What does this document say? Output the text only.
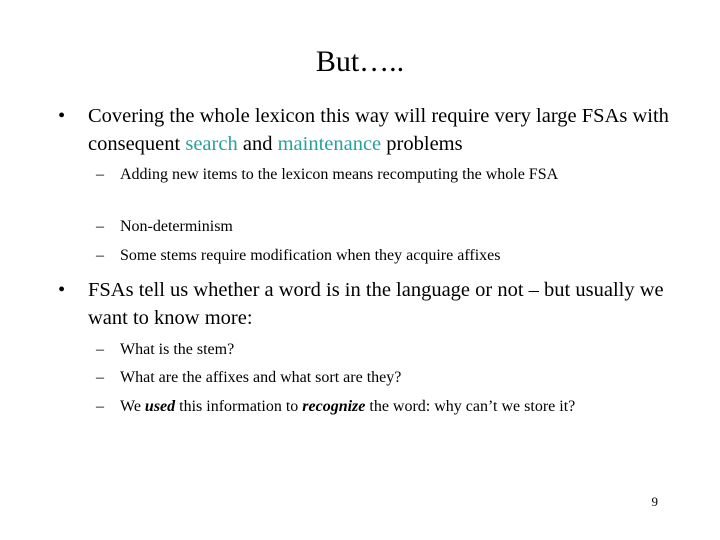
But…..
•	Covering the whole lexicon this way will require very large FSAs with consequent search and maintenance problems
–	Adding new items to the lexicon means recomputing the whole FSA
–	Non-determinism
–	Some stems require modification when they acquire affixes
•	FSAs tell us whether a word is in the language or not – but usually we want to know more:
–	What is the stem?
–	What are the affixes and what sort are they?
–	We used this information to recognize the word: why can’t we store it?
9
